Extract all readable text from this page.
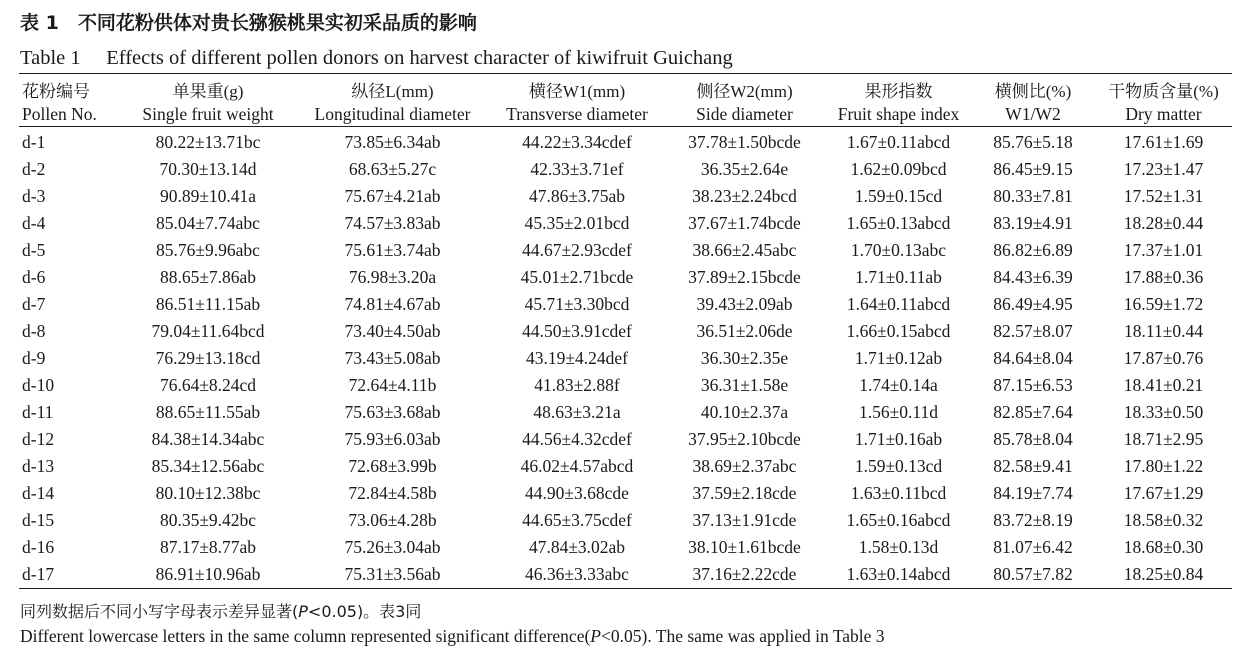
表 1　不同花粉供体对贵长猕猴桃果实初采品质的影响
Table 1　 Effects of different pollen donors on harvest character of kiwifruit Guichang
花粉编号	单果重(g)	纵径L(mm)	横径W1(mm)	侧径W2(mm)	果形指数	横侧比(%)	干物质含量(%)
Pollen No.	Single fruit weight	Longitudinal diameter	Transverse diameter	Side diameter	Fruit shape index	W1/W2	Dry matter
d-1	80.22±13.71bc	73.85±6.34ab	44.22±3.34cdef	37.78±1.50bcde	1.67±0.11abcd	85.76±5.18	17.61±1.69
d-2	70.30±13.14d	68.63±5.27c	42.33±3.71ef	36.35±2.64e	1.62±0.09bcd	86.45±9.15	17.23±1.47
d-3	90.89±10.41a	75.67±4.21ab	47.86±3.75ab	38.23±2.24bcd	1.59±0.15cd	80.33±7.81	17.52±1.31
d-4	85.04±7.74abc	74.57±3.83ab	45.35±2.01bcd	37.67±1.74bcde	1.65±0.13abcd	83.19±4.91	18.28±0.44
d-5	85.76±9.96abc	75.61±3.74ab	44.67±2.93cdef	38.66±2.45abc	1.70±0.13abc	86.82±6.89	17.37±1.01
d-6	88.65±7.86ab	76.98±3.20a	45.01±2.71bcde	37.89±2.15bcde	1.71±0.11ab	84.43±6.39	17.88±0.36
d-7	86.51±11.15ab	74.81±4.67ab	45.71±3.30bcd	39.43±2.09ab	1.64±0.11abcd	86.49±4.95	16.59±1.72
d-8	79.04±11.64bcd	73.40±4.50ab	44.50±3.91cdef	36.51±2.06de	1.66±0.15abcd	82.57±8.07	18.11±0.44
d-9	76.29±13.18cd	73.43±5.08ab	43.19±4.24def	36.30±2.35e	1.71±0.12ab	84.64±8.04	17.87±0.76
d-10	76.64±8.24cd	72.64±4.11b	41.83±2.88f	36.31±1.58e	1.74±0.14a	87.15±6.53	18.41±0.21
d-11	88.65±11.55ab	75.63±3.68ab	48.63±3.21a	40.10±2.37a	1.56±0.11d	82.85±7.64	18.33±0.50
d-12	84.38±14.34abc	75.93±6.03ab	44.56±4.32cdef	37.95±2.10bcde	1.71±0.16ab	85.78±8.04	18.71±2.95
d-13	85.34±12.56abc	72.68±3.99b	46.02±4.57abcd	38.69±2.37abc	1.59±0.13cd	82.58±9.41	17.80±1.22
d-14	80.10±12.38bc	72.84±4.58b	44.90±3.68cde	37.59±2.18cde	1.63±0.11bcd	84.19±7.74	17.67±1.29
d-15	80.35±9.42bc	73.06±4.28b	44.65±3.75cdef	37.13±1.91cde	1.65±0.16abcd	83.72±8.19	18.58±0.32
d-16	87.17±8.77ab	75.26±3.04ab	47.84±3.02ab	38.10±1.61bcde	1.58±0.13d	81.07±6.42	18.68±0.30
d-17	86.91±10.96ab	75.31±3.56ab	46.36±3.33abc	37.16±2.22cde	1.63±0.14abcd	80.57±7.82	18.25±0.84
同列数据后不同小写字母表示差异显著(P<0.05)。表3同
Different lowercase letters in the same column represented significant difference(P<0.05). The same was applied in Table 3
